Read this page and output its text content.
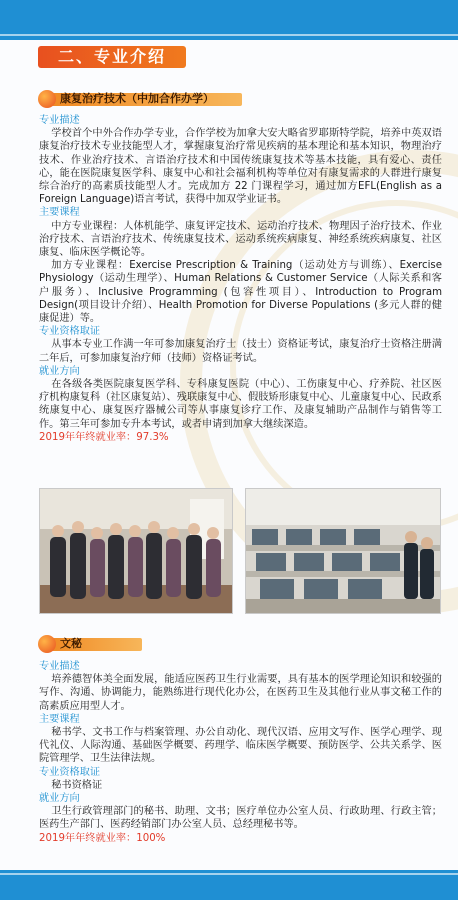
二、专业介绍
康复治疗技术（中加合作办学）
专业描述

学校首个中外合作办学专业，合作学校为加拿大安大略省罗耶斯特学院，培养中英双语康复治疗技术专业技能型人才，掌握康复治疗常见疾病的基本理论和基本知识，物理治疗技术、作业治疗技术、言语治疗技术和中国传统康复技术等基本技能，具有爱心、责任心，能在医院康复医学科、康复中心和社会福利机构等单位对有康复需求的人群进行康复综合治疗的高素质技能型人才。完成加方 22 门课程学习，通过加方EFL(English as a Foreign Language)语言考试，获得中加双学业证书。

主要课程

中方专业课程：人体机能学、康复评定技术、运动治疗技术、物理因子治疗技术、作业治疗技术、言语治疗技术、传统康复技术、运动系统疾病康复、神经系统疾病康复、社区康复、临床医学概论等。

加方专业课程：Exercise Prescription & Training（运动处方与训练）、Exercise Physiology（运动生理学）、Human Relations & Customer Service（人际关系和客户服务）、Inclusive Programming (包容性项目）、Introduction to Program Design(项目设计介绍）、Health Promotion for Diverse Populations (多元人群的健康促进）等。

专业资格取证

从事本专业工作满一年可参加康复治疗士（技士）资格证考试，康复治疗士资格注册满二年后，可参加康复治疗师（技师）资格证考试。

就业方向

在各级各类医院康复医学科、专科康复医院（中心）、工伤康复中心、疗养院、社区医疗机构康复科（社区康复站）、残联康复中心、假肢矫形康复中心、儿童康复中心、民政系统康复中心、康复医疗器械公司等从事康复诊疗工作、及康复辅助产品制作与销售等工作。第三年可参加专升本考试，或者申请到加拿大继续深造。

2019年年终就业率：97.3%
文秘
专业描述

培养德智体美全面发展，能适应医药卫生行业需要，具有基本的医学理论知识和较强的写作、沟通、协调能力，能熟练进行现代化办公，在医药卫生及其他行业从事文秘工作的高素质应用型人才。

主要课程

秘书学、文书工作与档案管理、办公自动化、现代汉语、应用文写作、医学心理学、现代礼仪、人际沟通、基础医学概要、药理学、临床医学概要、预防医学、公共关系学、医院管理学、卫生法律法规。

专业资格取证

秘书资格证

就业方向

卫生行政管理部门的秘书、助理、文书；医疗单位办公室人员、行政助理、行政主管；医药生产部门、医药经销部门办公室人员、总经理秘书等。

2019年年终就业率：100%
